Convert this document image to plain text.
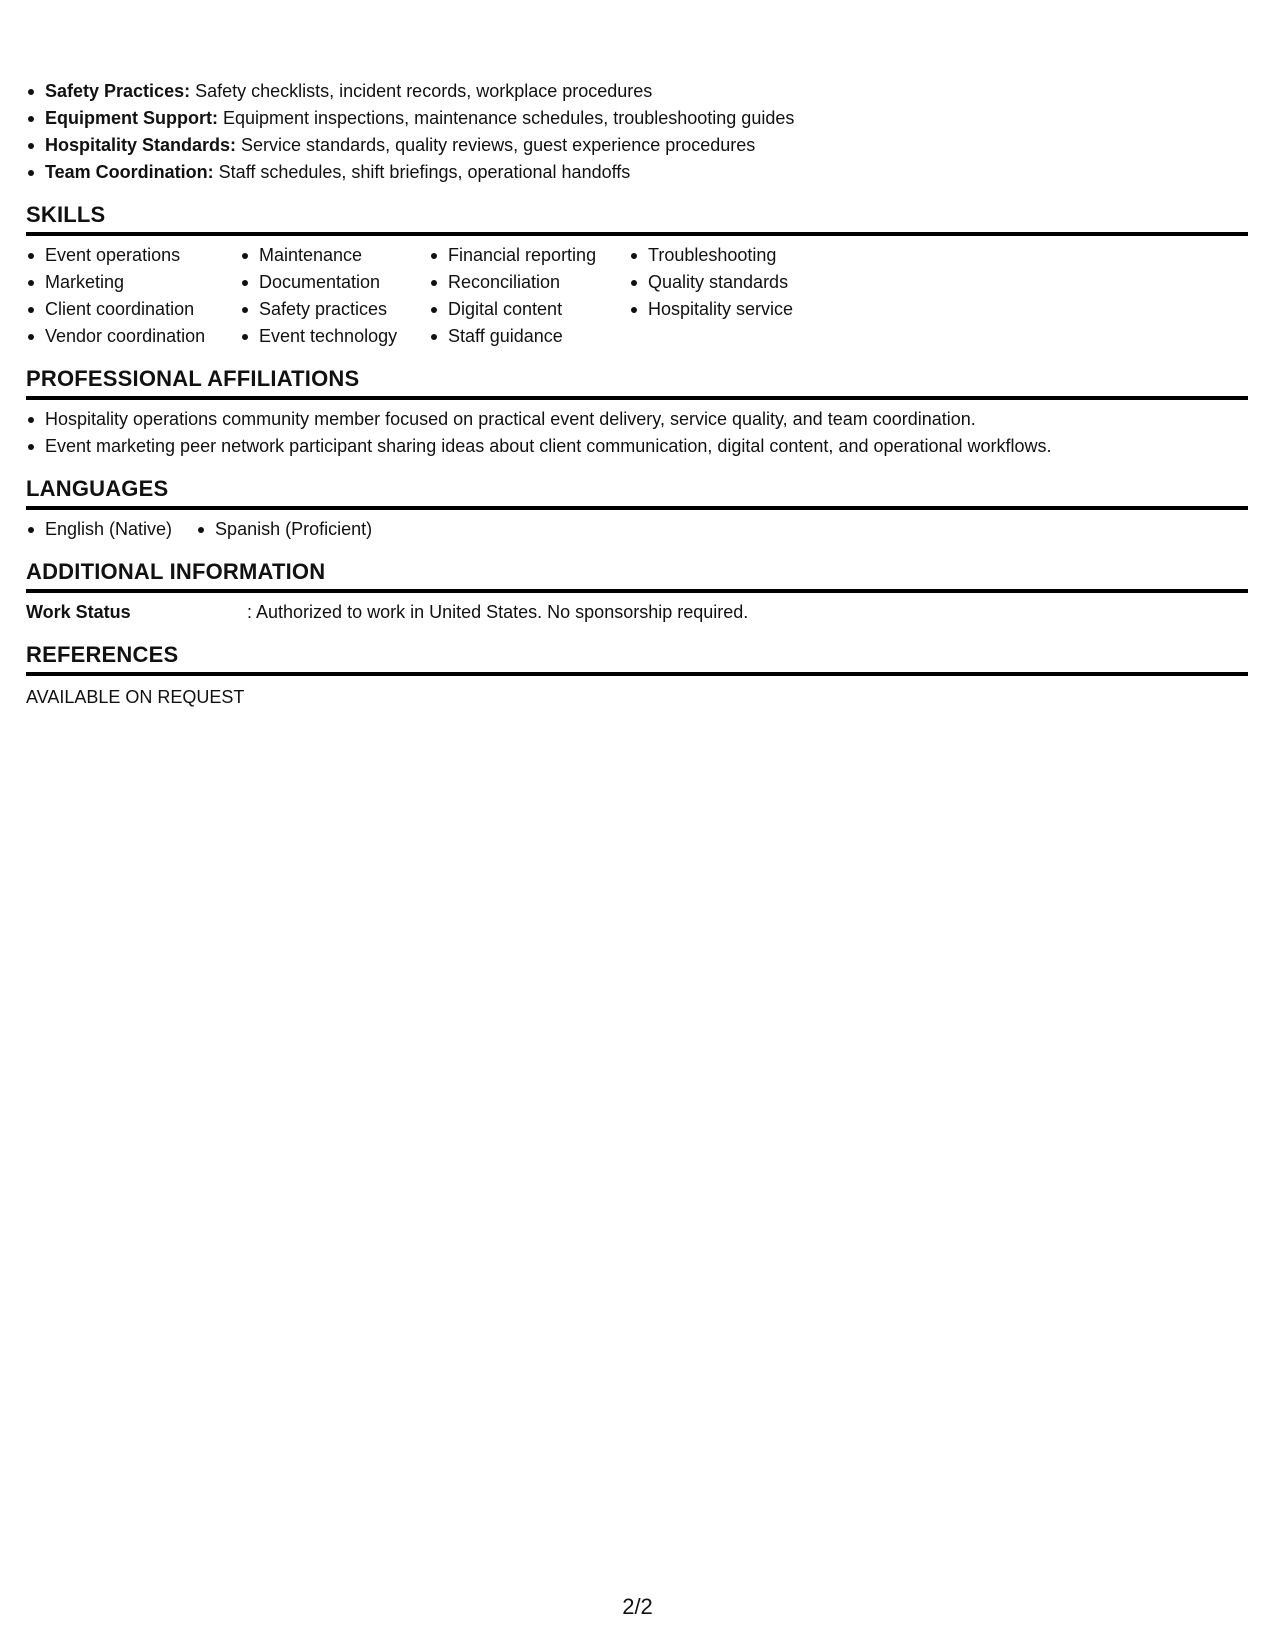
Safety Practices: Safety checklists, incident records, workplace procedures
Equipment Support: Equipment inspections, maintenance schedules, troubleshooting guides
Hospitality Standards: Service standards, quality reviews, guest experience procedures
Team Coordination: Staff schedules, shift briefings, operational handoffs
SKILLS
Event operations
Marketing
Client coordination
Vendor coordination
Maintenance
Documentation
Safety practices
Event technology
Financial reporting
Reconciliation
Digital content
Staff guidance
Troubleshooting
Quality standards
Hospitality service
PROFESSIONAL AFFILIATIONS
Hospitality operations community member focused on practical event delivery, service quality, and team coordination.
Event marketing peer network participant sharing ideas about client communication, digital content, and operational workflows.
LANGUAGES
English (Native)	Spanish (Proficient)
ADDITIONAL INFORMATION
Work Status	: Authorized to work in United States. No sponsorship required.
REFERENCES
AVAILABLE ON REQUEST
2/2
